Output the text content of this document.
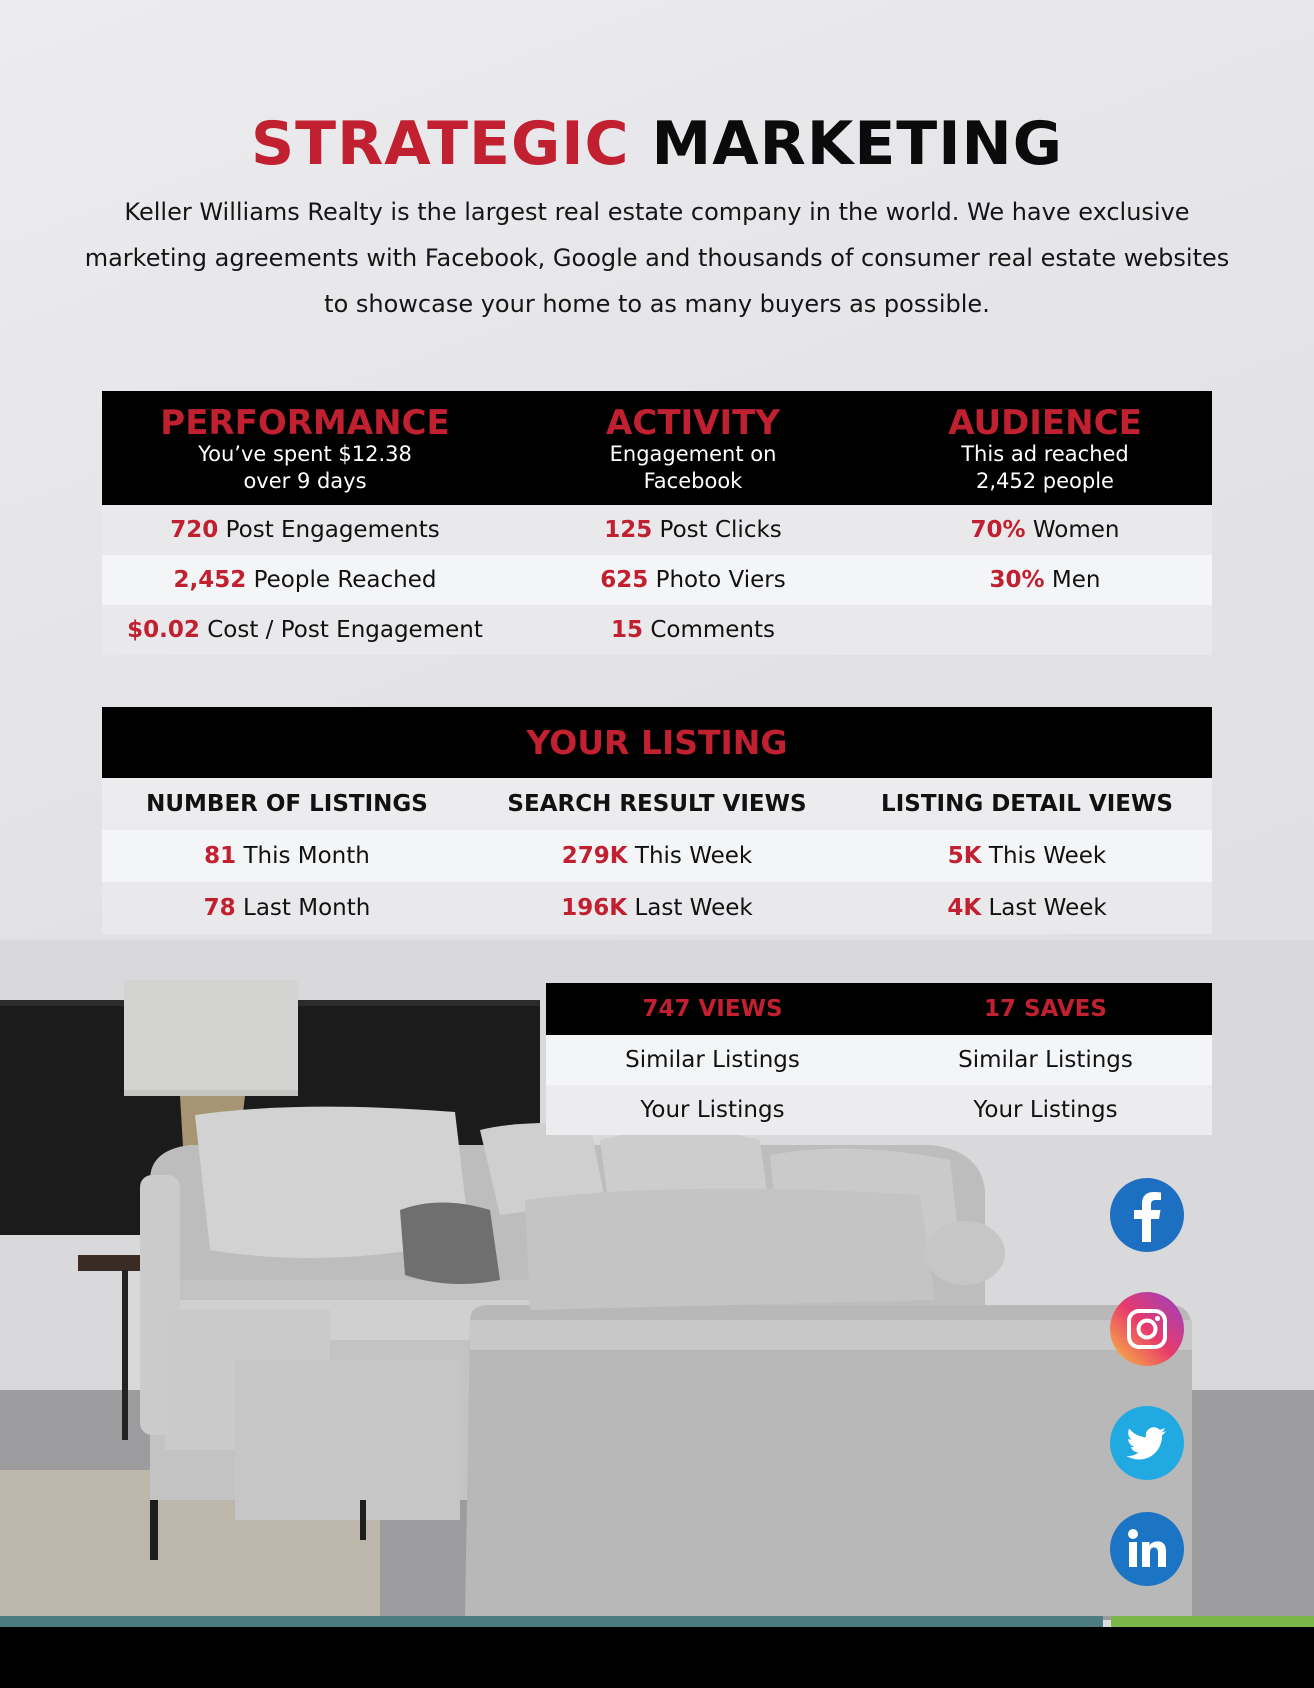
STRATEGIC MARKETING

Keller Williams Realty is the largest real estate company in the world. We have exclusive marketing agreements with Facebook, Google and thousands of consumer real estate websites to showcase your home to as many buyers as possible.

PERFORMANCE
You’ve spent $12.38
over 9 days
ACTIVITY
Engagement on
Facebook
AUDIENCE
This ad reached
2,452 people
720 Post Engagements	125 Post Clicks	70% Women
2,452 People Reached	625 Photo Viers	30% Men
$0.02 Cost / Post Engagement	15 Comments
YOUR LISTING
NUMBER OF LISTINGS	SEARCH RESULT VIEWS	LISTING DETAIL VIEWS
81 This Month	279K This Week	5K This Week
78 Last Month	196K Last Week	4K Last Week
747 VIEWS	17 SAVES
Similar Listings	Similar Listings
Your Listings	Your Listings
